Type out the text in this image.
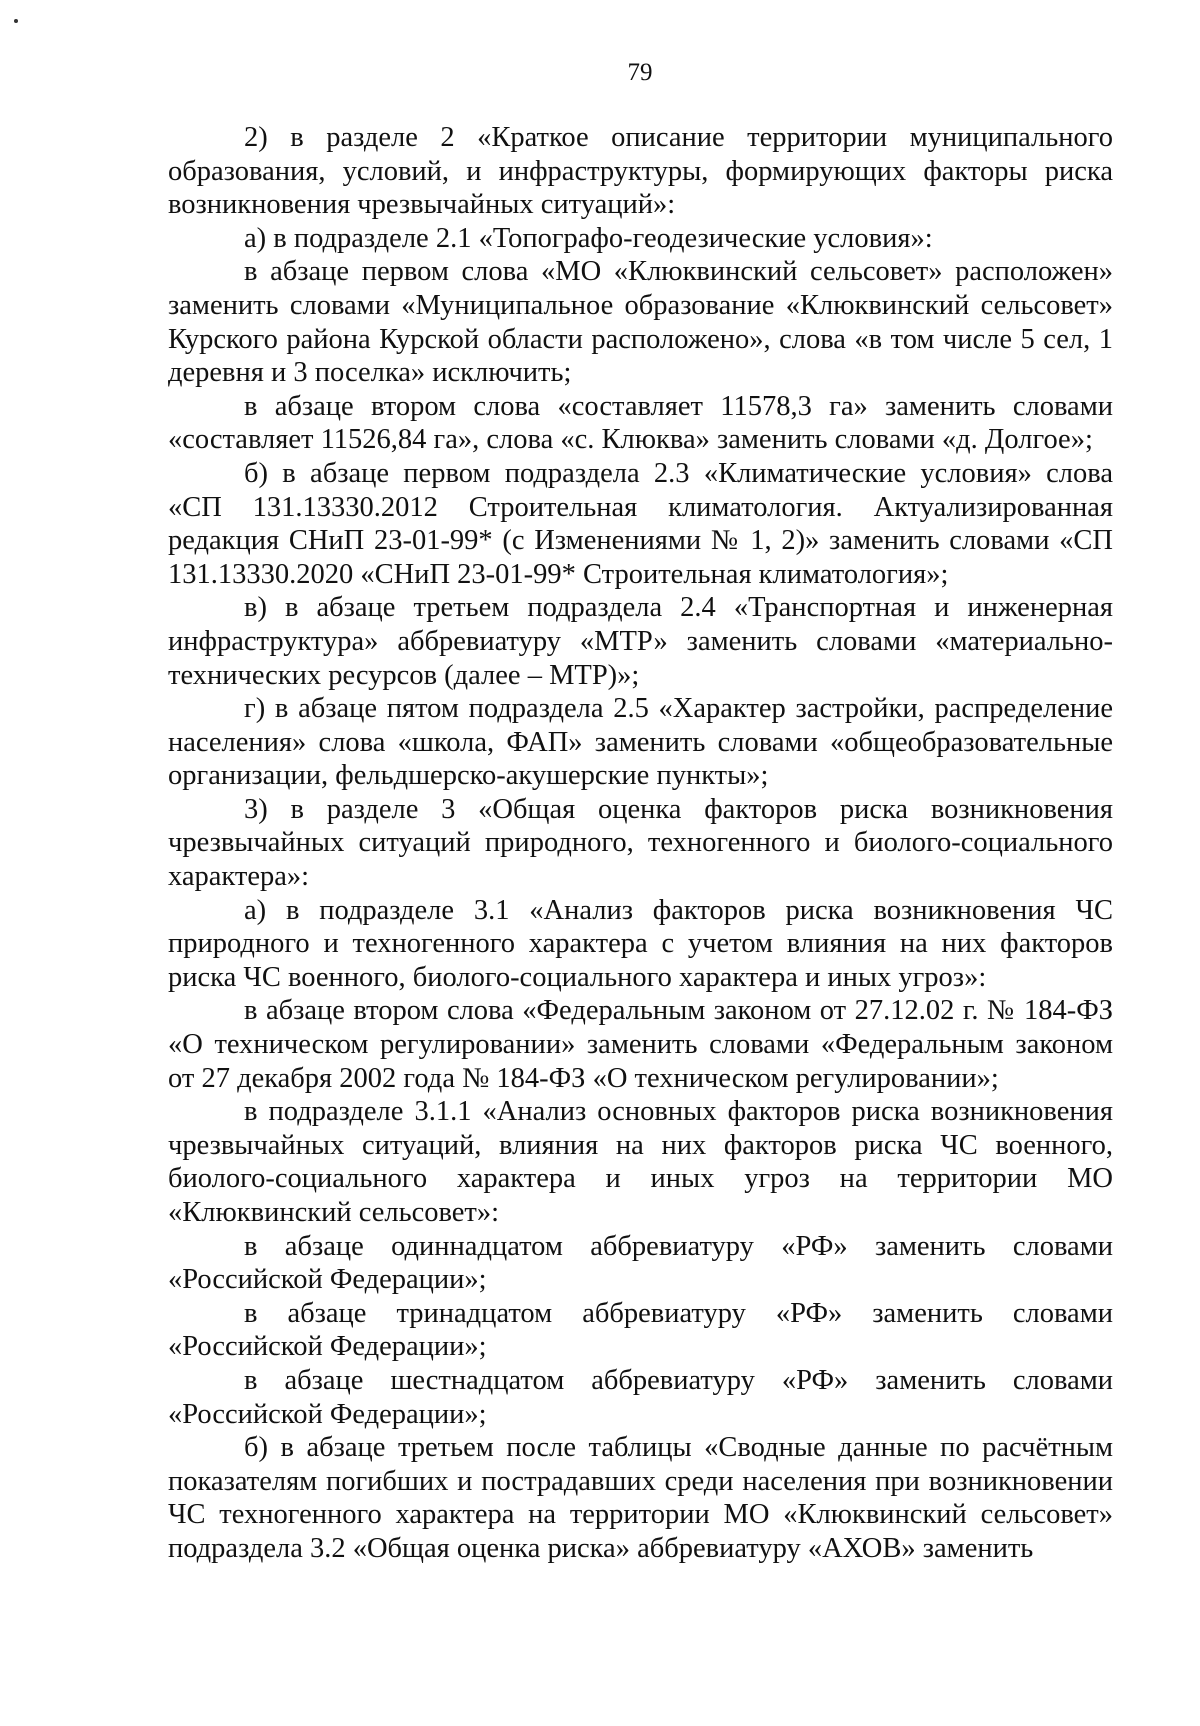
79

2) в разделе 2 «Краткое описание территории муниципального образования, условий, и инфраструктуры, формирующих факторы риска возникновения чрезвычайных ситуаций»:

а) в подразделе 2.1 «Топографо-геодезические условия»:

в абзаце первом слова «МО «Клюквинский сельсовет» расположен» заменить словами «Муниципальное образование «Клюквинский сельсовет» Курского района Курской области расположено», слова «в том числе 5 сел, 1 деревня и 3 поселка» исключить;

в абзаце втором слова «составляет 11578,3 га» заменить словами «составляет 11526,84 га», слова «с. Клюква» заменить словами «д. Долгое»;

б) в абзаце первом подраздела 2.3 «Климатические условия» слова «СП 131.13330.2012 Строительная климатология. Актуализированная редакция СНиП 23-01-99* (с Изменениями № 1, 2)» заменить словами «СП 131.13330.2020 «СНиП 23-01-99* Строительная климатология»;

в) в абзаце третьем подраздела 2.4 «Транспортная и инженерная инфраструктура» аббревиатуру «МТР» заменить словами «материально-технических ресурсов (далее – МТР)»;

г) в абзаце пятом подраздела 2.5 «Характер застройки, распределение населения» слова «школа, ФАП» заменить словами «общеобразовательные организации, фельдшерско-акушерские пункты»;

3) в разделе 3 «Общая оценка факторов риска возникновения чрезвычайных ситуаций природного, техногенного и биолого-социального характера»:

а) в подразделе 3.1 «Анализ факторов риска возникновения ЧС природного и техногенного характера с учетом влияния на них факторов риска ЧС военного, биолого-социального характера и иных угроз»:

в абзаце втором слова «Федеральным законом от 27.12.02 г. № 184-ФЗ «О техническом регулировании» заменить словами «Федеральным законом от 27 декабря 2002 года № 184-ФЗ «О техническом регулировании»;

в подразделе 3.1.1 «Анализ основных факторов риска возникновения чрезвычайных ситуаций, влияния на них факторов риска ЧС военного, биолого-социального характера и иных угроз на территории МО «Клюквинский сельсовет»:

в абзаце одиннадцатом аббревиатуру «РФ» заменить словами «Российской Федерации»;

в абзаце тринадцатом аббревиатуру «РФ» заменить словами «Российской Федерации»;

в абзаце шестнадцатом аббревиатуру «РФ» заменить словами «Российской Федерации»;

б) в абзаце третьем после таблицы «Сводные данные по расчётным показателям погибших и пострадавших среди населения при возникновении ЧС техногенного характера на территории МО «Клюквинский сельсовет» подраздела 3.2 «Общая оценка риска» аббревиатуру «АХОВ» заменить
